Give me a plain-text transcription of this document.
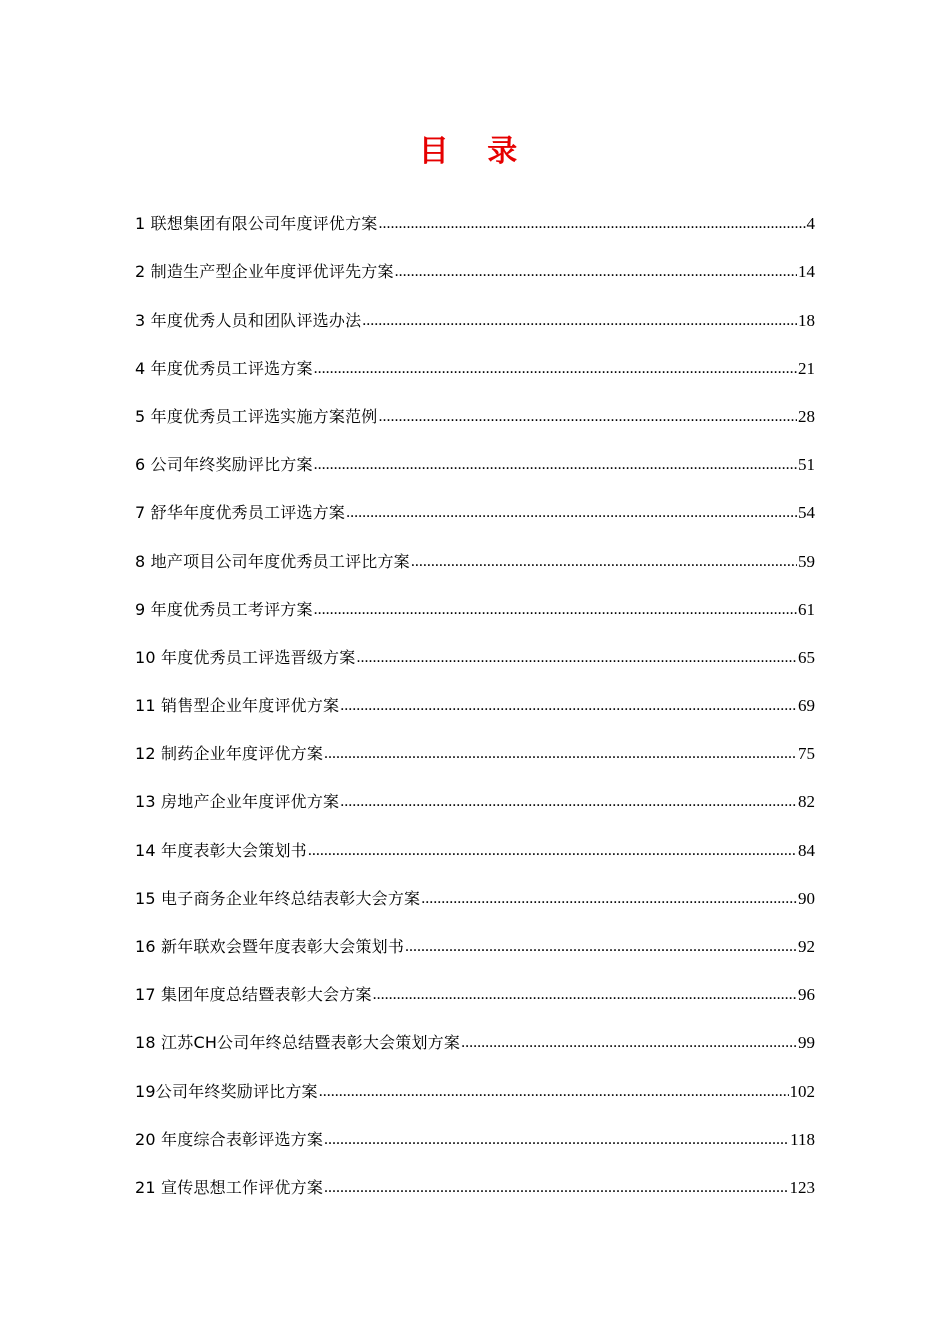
目 录
1 联想集团有限公司年度评优方案 .....	4
2 制造生产型企业年度评优评先方案 .....	14
3 年度优秀人员和团队评选办法 .....	18
4 年度优秀员工评选方案 .....	21
5 年度优秀员工评选实施方案范例 .....	28
6 公司年终奖励评比方案 .....	51
7 舒华年度优秀员工评选方案 .....	54
8 地产项目公司年度优秀员工评比方案 .....	59
9 年度优秀员工考评方案 .....	61
10 年度优秀员工评选晋级方案 .....	65
11 销售型企业年度评优方案 .....	69
12 制药企业年度评优方案 .....	75
13 房地产企业年度评优方案 .....	82
14 年度表彰大会策划书 .....	84
15 电子商务企业年终总结表彰大会方案 .....	90
16 新年联欢会暨年度表彰大会策划书 .....	92
17 集团年度总结暨表彰大会方案 .....	96
18 江苏CH公司年终总结暨表彰大会策划方案 .....	99
19公司年终奖励评比方案 .....	102
20 年度综合表彰评选方案 .....	118
21 宣传思想工作评优方案 .....	123
